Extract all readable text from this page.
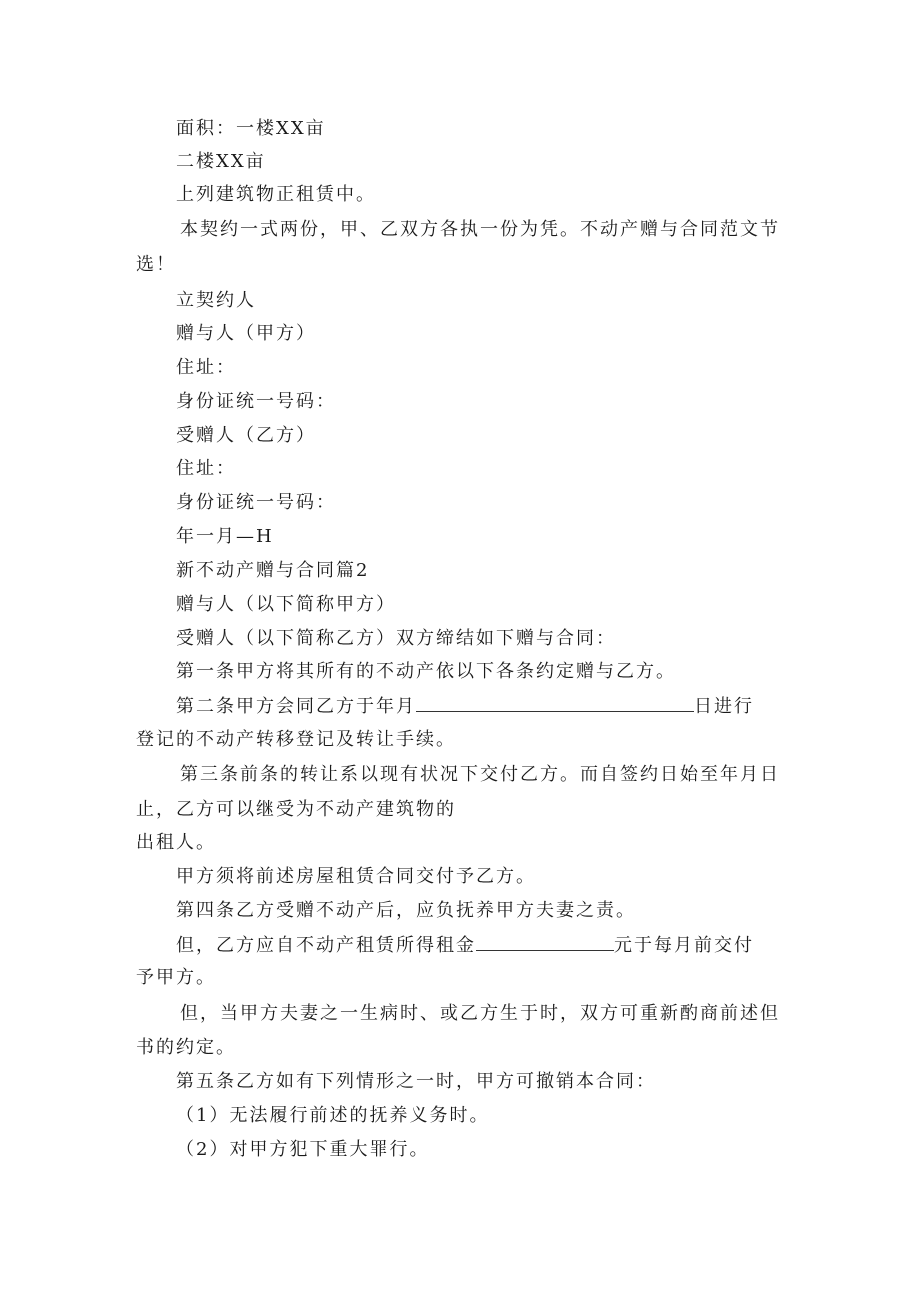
面积：一楼XX亩
二楼XX亩
上列建筑物正租赁中。
本契约一式两份，甲、乙双方各执一份为凭。不动产赠与合同范文节
选！
立契约人
赠与人（甲方）
住址：
身份证统一号码：
受赠人（乙方）
住址：
身份证统一号码：
年一月—H
新不动产赠与合同篇2
赠与人（以下简称甲方）
受赠人（以下简称乙方）双方缔结如下赠与合同：
第一条甲方将其所有的不动产依以下各条约定赠与乙方。
第二条甲方会同乙方于年月	日进行
登记的不动产转移登记及转让手续。
第三条前条的转让系以现有状况下交付乙方。而自签约日始至年月日
止，乙方可以继受为不动产建筑物的
出租人。
甲方须将前述房屋租赁合同交付予乙方。
第四条乙方受赠不动产后，应负抚养甲方夫妻之责。
但，乙方应自不动产租赁所得租金	元于每月前交付
予甲方。
但，当甲方夫妻之一生病时、或乙方生于时，双方可重新酌商前述但
书的约定。
第五条乙方如有下列情形之一时，甲方可撤销本合同：
（1）无法履行前述的抚养义务时。
（2）对甲方犯下重大罪行。
